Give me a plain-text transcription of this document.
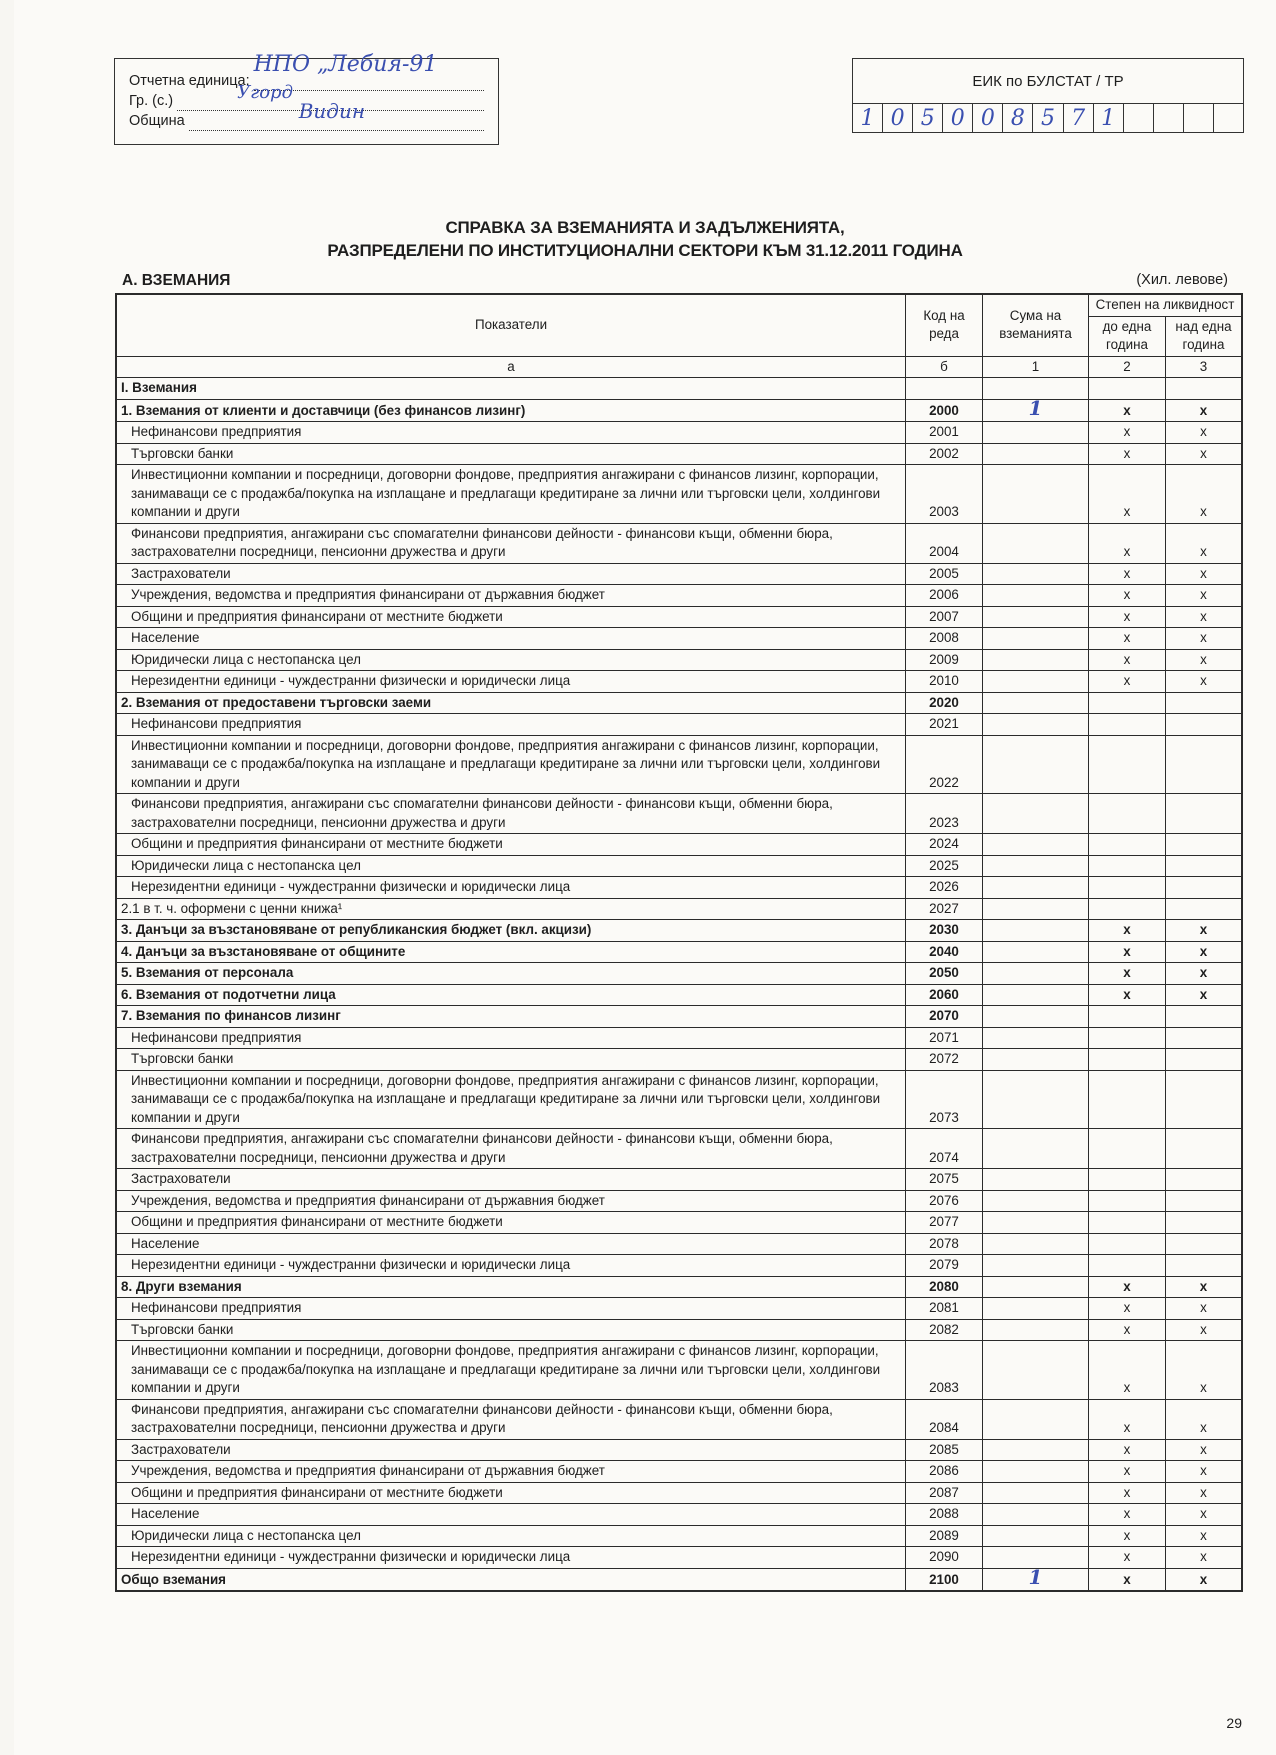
Отчетна единица:
НПО „Лебия-91
Гр. (с.)	Угорд
Община	Видин
ЕИК по БУЛСТАТ / ТР
1 0 5 0 0 8 5 7 1
СПРАВКА ЗА ВЗЕМАНИЯТА И ЗАДЪЛЖЕНИЯТА,
РАЗПРЕДЕЛЕНИ ПО ИНСТИТУЦИОНАЛНИ СЕКТОРИ КЪМ 31.12.2011 ГОДИНА
А. ВЗЕМАНИЯ	(Хил. левове)
Показатели	Код на реда	Сума на вземанията	Степен на ликвидност	
			до една година	над една година
а	б	1	2	3
I. Вземания				
1. Вземания от клиенти и доставчици (без финансов лизинг)	2000	1	x	x
Нефинансови предприятия	2001		x	x
Търговски банки	2002		x	x
Инвестиционни компании и посредници, договорни фондове, предприятия ангажирани с финансов лизинг, корпорации, занимаващи се с продажба/покупка на изплащане и предлагащи кредитиране за лични или търговски цели, холдингови компании и други	2003		x	x
Финансови предприятия, ангажирани със спомагателни финансови дейности - финансови къщи, обменни бюра, застрахователни посредници, пенсионни дружества и други	2004		x	x
Застрахователи	2005		x	x
Учреждения, ведомства и предприятия финансирани от държавния бюджет	2006		x	x
Общини и предприятия финансирани от местните бюджети	2007		x	x
Население	2008		x	x
Юридически лица с нестопанска цел	2009		x	x
Нерезидентни единици - чуждестранни физически и юридически лица	2010		x	x
2. Вземания от предоставени търговски заеми	2020			
Нефинансови предприятия	2021			
Инвестиционни компании и посредници, договорни фондове, предприятия ангажирани с финансов лизинг, корпорации, занимаващи се с продажба/покупка на изплащане и предлагащи кредитиране за лични или търговски цели, холдингови компании и други	2022			
Финансови предприятия, ангажирани със спомагателни финансови дейности - финансови къщи, обменни бюра, застрахователни посредници, пенсионни дружества и други	2023			
Общини и предприятия финансирани от местните бюджети	2024			
Юридически лица с нестопанска цел	2025			
Нерезидентни единици - чуждестранни физически и юридически лица	2026			
2.1 в т. ч. оформени с ценни книжа¹	2027			
3. Данъци за възстановяване от републиканския бюджет (вкл. акцизи)	2030		x	x
4. Данъци за възстановяване от общините	2040		x	x
5. Вземания от персонала	2050		x	x
6. Вземания от подотчетни лица	2060		x	x
7. Вземания по финансов лизинг	2070			
Нефинансови предприятия	2071			
Търговски банки	2072			
Инвестиционни компании и посредници, договорни фондове, предприятия ангажирани с финансов лизинг, корпорации, занимаващи се с продажба/покупка на изплащане и предлагащи кредитиране за лични или търговски цели, холдингови компании и други	2073			
Финансови предприятия, ангажирани със спомагателни финансови дейности - финансови къщи, обменни бюра, застрахователни посредници, пенсионни дружества и други	2074			
Застрахователи	2075			
Учреждения, ведомства и предприятия финансирани от държавния бюджет	2076			
Общини и предприятия финансирани от местните бюджети	2077			
Население	2078			
Нерезидентни единици - чуждестранни физически и юридически лица	2079			
8. Други вземания	2080		x	x
Нефинансови предприятия	2081		x	x
Търговски банки	2082		x	x
Инвестиционни компании и посредници, договорни фондове, предприятия ангажирани с финансов лизинг, корпорации, занимаващи се с продажба/покупка на изплащане и предлагащи кредитиране за лични или търговски цели, холдингови компании и други	2083		x	x
Финансови предприятия, ангажирани със спомагателни финансови дейности - финансови къщи, обменни бюра, застрахователни посредници, пенсионни дружества и други	2084		x	x
Застрахователи	2085		x	x
Учреждения, ведомства и предприятия финансирани от държавния бюджет	2086		x	x
Общини и предприятия финансирани от местните бюджети	2087		x	x
Население	2088		x	x
Юридически лица с нестопанска цел	2089		x	x
Нерезидентни единици - чуждестранни физически и юридически лица	2090		x	x
Общо вземания	2100	1	x	x
29
